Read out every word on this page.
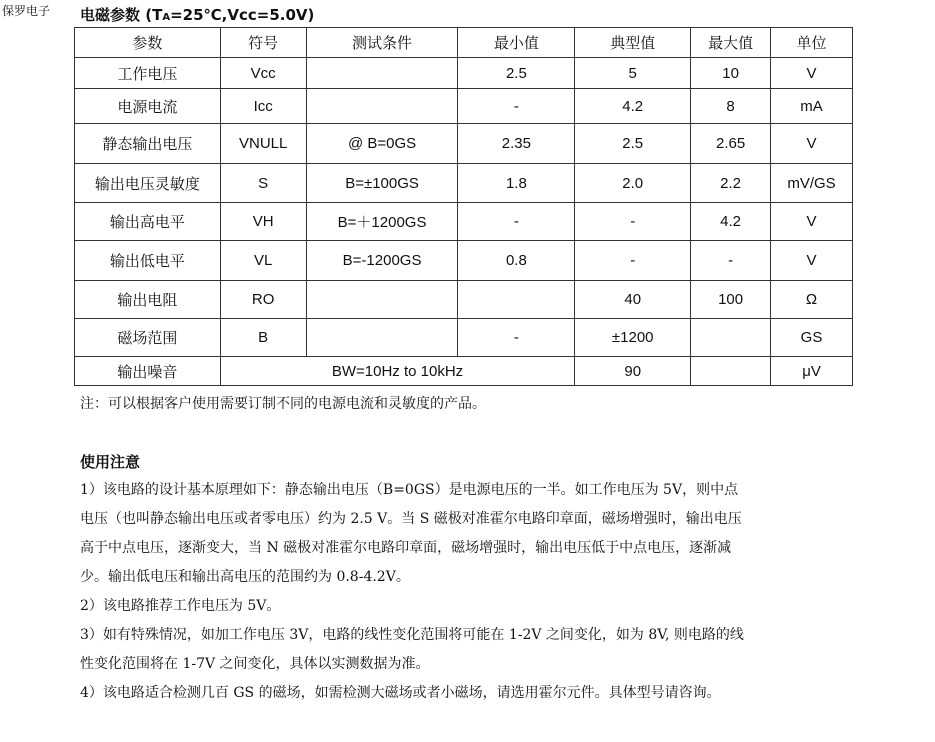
保罗电子 电磁参数 (TA=25℃,Vcc=5.0V)
参数	符号	测试条件	最小值	典型值	最大值	单位
工作电压	Vcc		2.5	5	10	V
电源电流	Icc		-	4.2	8	mA
静态输出电压	VNULL	@ B=0GS	2.35	2.5	2.65	V
输出电压灵敏度	S	B=±100GS	1.8	2.0	2.2	mV/GS
输出高电平	VH	B=＋1200GS	-	-	4.2	V
输出低电平	VL	B=-1200GS	0.8	-	-	V
输出电阻	RO			40	100	Ω
磁场范围	B		-	±1200		GS
输出噪音	BW=10Hz to 10kHz			90		μV
注：可以根据客户使用需要订制不同的电源电流和灵敏度的产品。
使用注意
1）该电路的设计基本原理如下：静态输出电压（B=0GS）是电源电压的一半。如工作电压为 5V，则中点
电压（也叫静态输出电压或者零电压）约为 2.5 V。当 S 磁极对准霍尔电路印章面，磁场增强时，输出电压
高于中点电压，逐渐变大，当 N 磁极对准霍尔电路印章面，磁场增强时，输出电压低于中点电压，逐渐减
少。输出低电压和输出高电压的范围约为 0.8-4.2V。
2）该电路推荐工作电压为 5V。
3）如有特殊情况，如加工作电压 3V，电路的线性变化范围将可能在 1-2V 之间变化，如为 8V, 则电路的线
性变化范围将在 1-7V 之间变化，具体以实测数据为准。
4）该电路适合检测几百 GS 的磁场，如需检测大磁场或者小磁场，请选用霍尔元件。具体型号请咨询。
